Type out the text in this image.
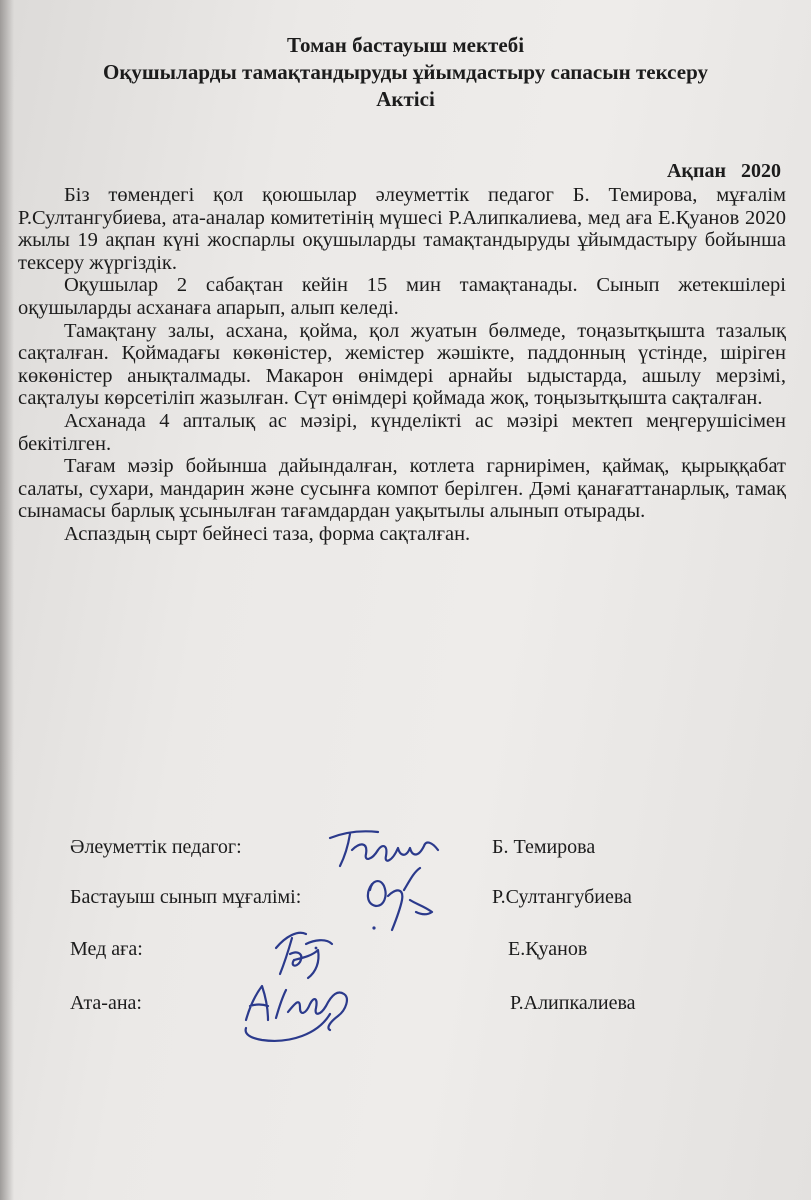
Томан бастауыш мектебі
Оқушыларды тамақтандыруды ұйымдастыру сапасын тексеру
Актісі
Ақпан   2020

Біз төмендегі қол қоюшылар әлеуметтік педагог Б. Темирова, мұғалім Р.Султангубиева, ата-аналар комитетінің мүшесі Р.Алипкалиева, мед аға Е.Қуанов 2020 жылы 19 ақпан күні жоспарлы оқушыларды тамақтандыруды ұйымдастыру бойынша тексеру жүргіздік.

Оқушылар 2 сабақтан кейін 15 мин тамақтанады. Сынып жетекшілері оқушыларды асханаға апарып, алып келеді.

Тамақтану залы, асхана, қойма, қол жуатын бөлмеде, тоңазытқышта тазалық сақталған. Қоймадағы көкөністер, жемістер жәшікте, паддонның үстінде, шіріген көкөністер анықталмады. Макарон өнімдері арнайы ыдыстарда, ашылу мерзімі, сақталуы көрсетіліп жазылған. Сүт өнімдері қоймада жоқ, тоңызытқышта сақталған.

Асханада 4 апталық ас мәзірі, күнделікті ас мәзірі мектеп меңгерушісімен бекітілген.

Тағам мәзір бойынша дайындалған, котлета гарнирімен, қаймақ, қырыққабат салаты, сухари, мандарин және сусынға компот берілген. Дәмі қанағаттанарлық, тамақ сынамасы барлық ұсынылған тағамдардан уақытылы алынып отырады.

Аспаздың сырт бейнесі таза, форма сақталған.

Әлеуметтік педагог:	Б. Темирова
Бастауыш сынып мұғалімі:	Р.Султангубиева
Мед аға:	Е.Қуанов
Ата-ана:	Р.Алипкалиева
